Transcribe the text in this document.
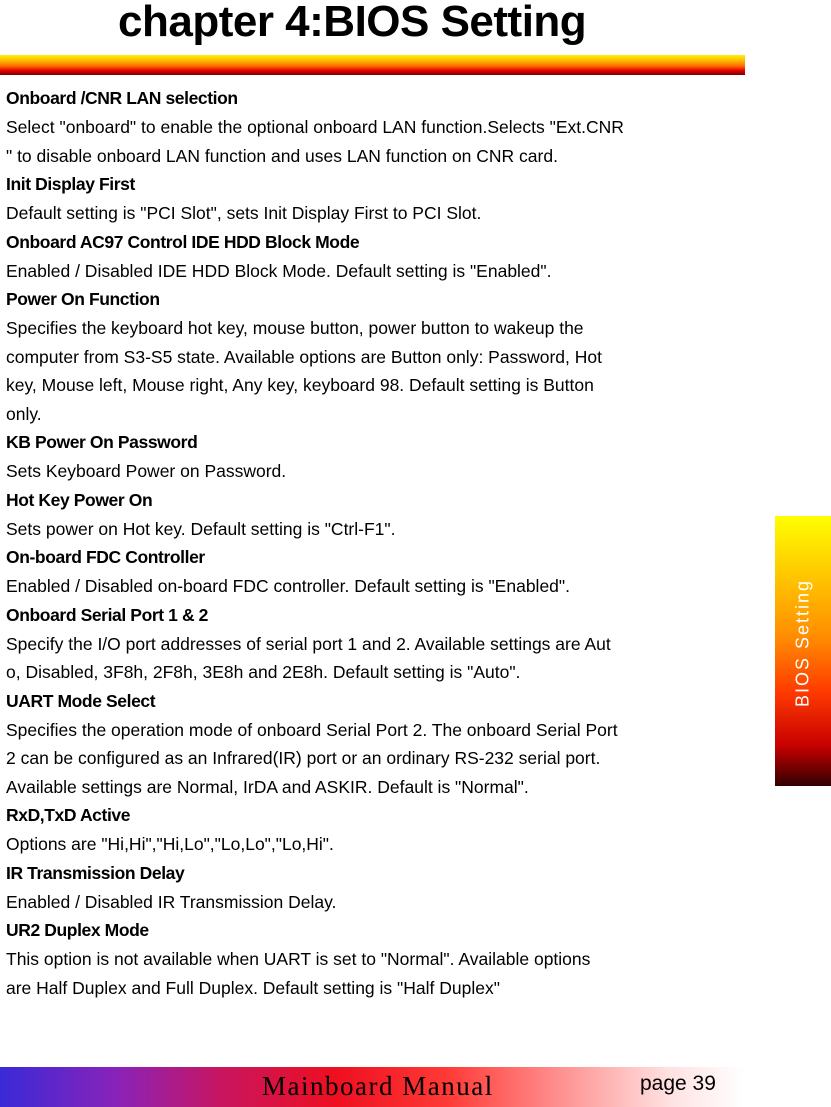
chapter 4:BIOS Setting
Onboard /CNR LAN selection
Select "onboard" to enable the optional onboard LAN function.Selects "Ext.CNR
" to disable onboard LAN function and uses LAN function on CNR card.
Init Display First
Default setting is "PCI Slot", sets Init Display First to PCI Slot.
Onboard AC97 Control IDE HDD Block Mode
Enabled / Disabled IDE HDD Block Mode. Default setting is "Enabled".
Power On Function
Specifies the keyboard hot key, mouse button, power button to wakeup the
computer from S3-S5 state. Available options are Button only: Password, Hot
key, Mouse left, Mouse right, Any key, keyboard 98. Default setting is Button
only.
KB Power On Password
Sets Keyboard Power on Password.
Hot Key Power On
Sets power on Hot key. Default setting is "Ctrl-F1".
On-board FDC Controller
Enabled / Disabled on-board FDC controller. Default setting is "Enabled".
Onboard Serial Port 1 & 2
Specify the I/O port addresses of serial port 1 and 2. Available settings are Aut
o, Disabled, 3F8h, 2F8h, 3E8h and 2E8h. Default setting is "Auto".
UART Mode Select
Specifies the operation mode of onboard Serial Port 2. The onboard Serial Port
2 can be configured as an Infrared(IR) port or an ordinary RS-232 serial port.
Available settings are Normal, IrDA and ASKIR. Default is "Normal".
RxD,TxD Active
Options are "Hi,Hi","Hi,Lo","Lo,Lo","Lo,Hi".
IR Transmission Delay
Enabled / Disabled IR Transmission Delay.
UR2 Duplex Mode
This option is not available when UART is set to "Normal". Available options
are Half Duplex and Full Duplex. Default setting is "Half Duplex"
BIOS Setting
Mainboard Manual	page 39
